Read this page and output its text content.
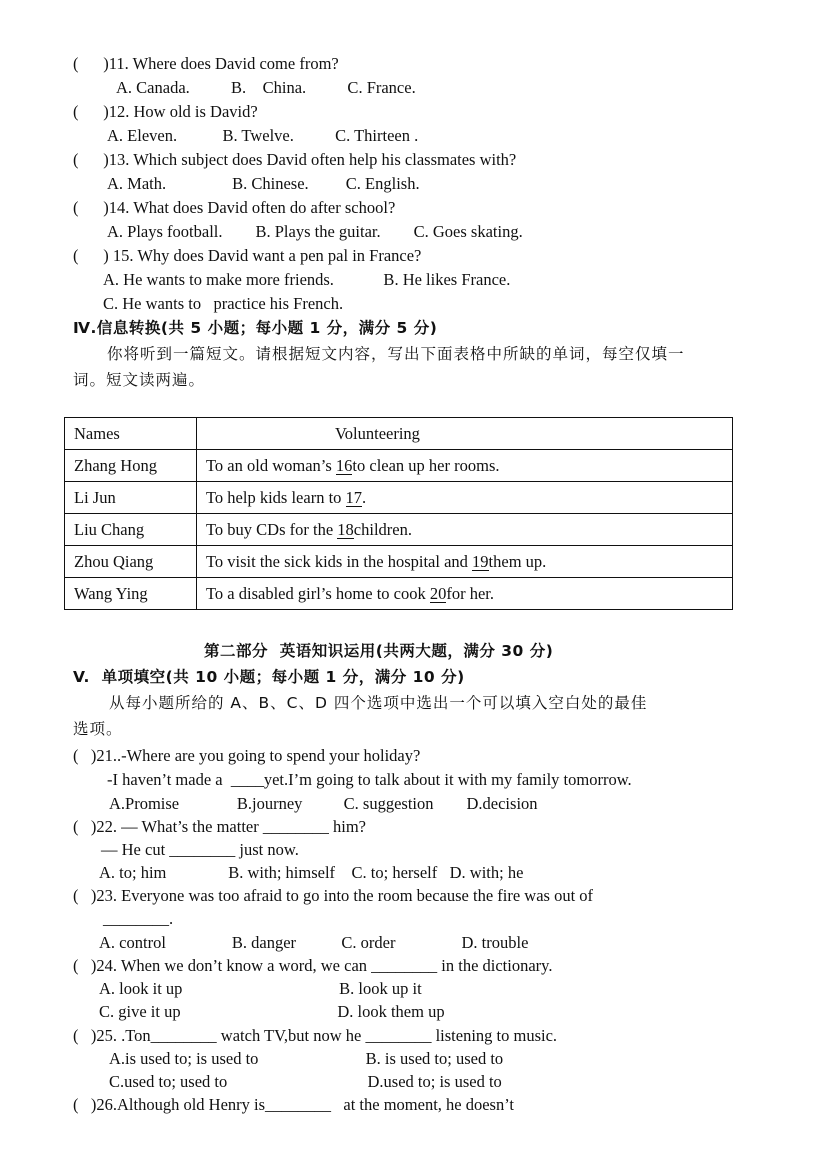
(      )11. Where does David come from?
A. Canada.          B.    China.          C. France.
(      )12. How old is David?
A. Eleven.           B. Twelve.          C. Thirteen .
(      )13. Which subject does David often help his classmates with?
A. Math.                B. Chinese.         C. English.
(      )14. What does David often do after school?
A. Plays football.        B. Plays the guitar.        C. Goes skating.
(      ) 15. Why does David want a pen pal in France?
A. He wants to make more friends.            B. He likes France.
C. He wants to   practice his French.
Ⅳ.信息转换(共 5 小题；每小题 1 分，满分 5 分)
你将听到一篇短文。请根据短文内容，写出下面表格中所缺的单词，每空仅填一
词。短文读两遍。
Names	Volunteering
Zhang Hong	To an old woman’s 16to clean up her rooms.
Li Jun	To help kids learn to 17.
Liu Chang	To buy CDs for the 18children.
Zhou Qiang	To visit the sick kids in the hospital and 19them up.
Wang Ying	To a disabled girl’s home to cook 20for her.
第二部分  英语知识运用(共两大题，满分 30 分)
V.  单项填空(共 10 小题；每小题 1 分，满分 10 分)
从每小题所给的 A、B、C、D 四个选项中选出一个可以填入空白处的最佳
选项。
(   )21..-Where are you going to spend your holiday?
-I haven’t made a  ____yet.I’m going to talk about it with my family tomorrow.
A.Promise              B.journey          C. suggestion        D.decision
(   )22. — What’s the matter ________ him?
— He cut ________ just now.
A. to; him               B. with; himself    C. to; herself   D. with; he
(   )23. Everyone was too afraid to go into the room because the fire was out of
________.
A. control                B. danger           C. order                D. trouble
(   )24. When we don’t know a word, we can ________ in the dictionary.
A. look it up                                      B. look up it
C. give it up                                      D. look them up
(   )25. .Ton________ watch TV,but now he ________ listening to music.
A.is used to; is used to                          B. is used to; used to
C.used to; used to                                  D.used to; is used to
(   )26.Although old Henry is________   at the moment, he doesn’t
